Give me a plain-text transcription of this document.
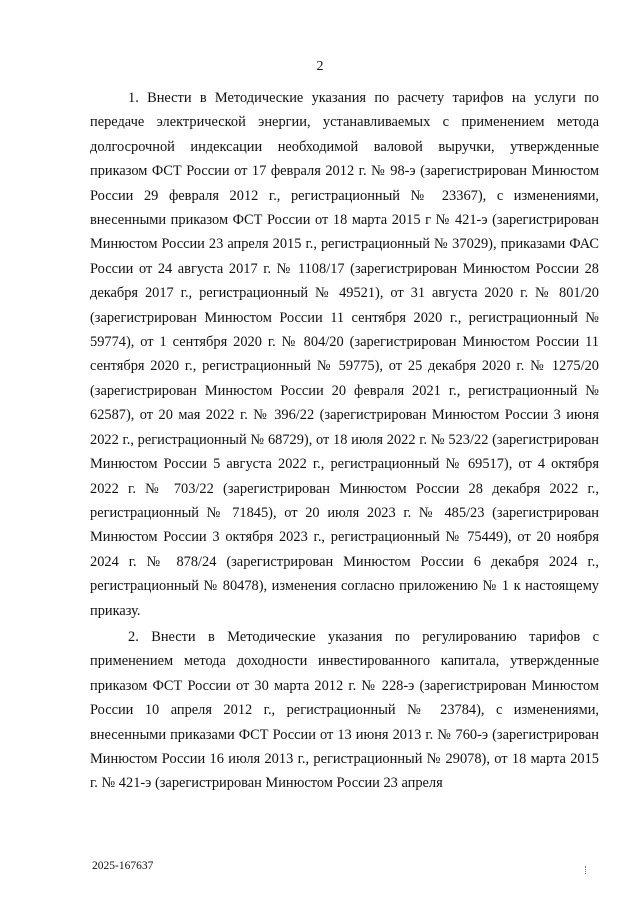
2

1. Внести в Методические указания по расчету тарифов на услуги по передаче электрической энергии, устанавливаемых с применением метода долгосрочной индексации необходимой валовой выручки, утвержденные приказом ФСТ России от 17 февраля 2012 г. № 98-э (зарегистрирован Минюстом России 29 февраля 2012 г., регистрационный № 23367), с изменениями, внесенными приказом ФСТ России от 18 марта 2015 г № 421-э (зарегистрирован Минюстом России 23 апреля 2015 г., регистрационный № 37029), приказами ФАС России от 24 августа 2017 г. № 1108/17 (зарегистрирован Минюстом России 28 декабря 2017 г., регистрационный № 49521), от 31 августа 2020 г. № 801/20 (зарегистрирован Минюстом России 11 сентября 2020 г., регистрационный № 59774), от 1 сентября 2020 г. № 804/20 (зарегистрирован Минюстом России 11 сентября 2020 г., регистрационный № 59775), от 25 декабря 2020 г. № 1275/20 (зарегистрирован Минюстом России 20 февраля 2021 г., регистрационный № 62587), от 20 мая 2022 г. № 396/22 (зарегистрирован Минюстом России 3 июня 2022 г., регистрационный № 68729), от 18 июля 2022 г. № 523/22 (зарегистрирован Минюстом России 5 августа 2022 г., регистрационный № 69517), от 4 октября 2022 г. № 703/22 (зарегистрирован Минюстом России 28 декабря 2022 г., регистрационный № 71845), от 20 июля 2023 г. № 485/23 (зарегистрирован Минюстом России 3 октября 2023 г., регистрационный № 75449), от 20 ноября 2024 г. № 878/24 (зарегистрирован Минюстом России 6 декабря 2024 г., регистрационный № 80478), изменения согласно приложению № 1 к настоящему приказу.

2. Внести в Методические указания по регулированию тарифов с применением метода доходности инвестированного капитала, утвержденные приказом ФСТ России от 30 марта 2012 г. № 228-э (зарегистрирован Минюстом России 10 апреля 2012 г., регистрационный № 23784), с изменениями, внесенными приказами ФСТ России от 13 июня 2013 г. № 760-э (зарегистрирован Минюстом России 16 июля 2013 г., регистрационный № 29078), от 18 марта 2015 г. № 421-э (зарегистрирован Минюстом России 23 апреля

2025-167637
